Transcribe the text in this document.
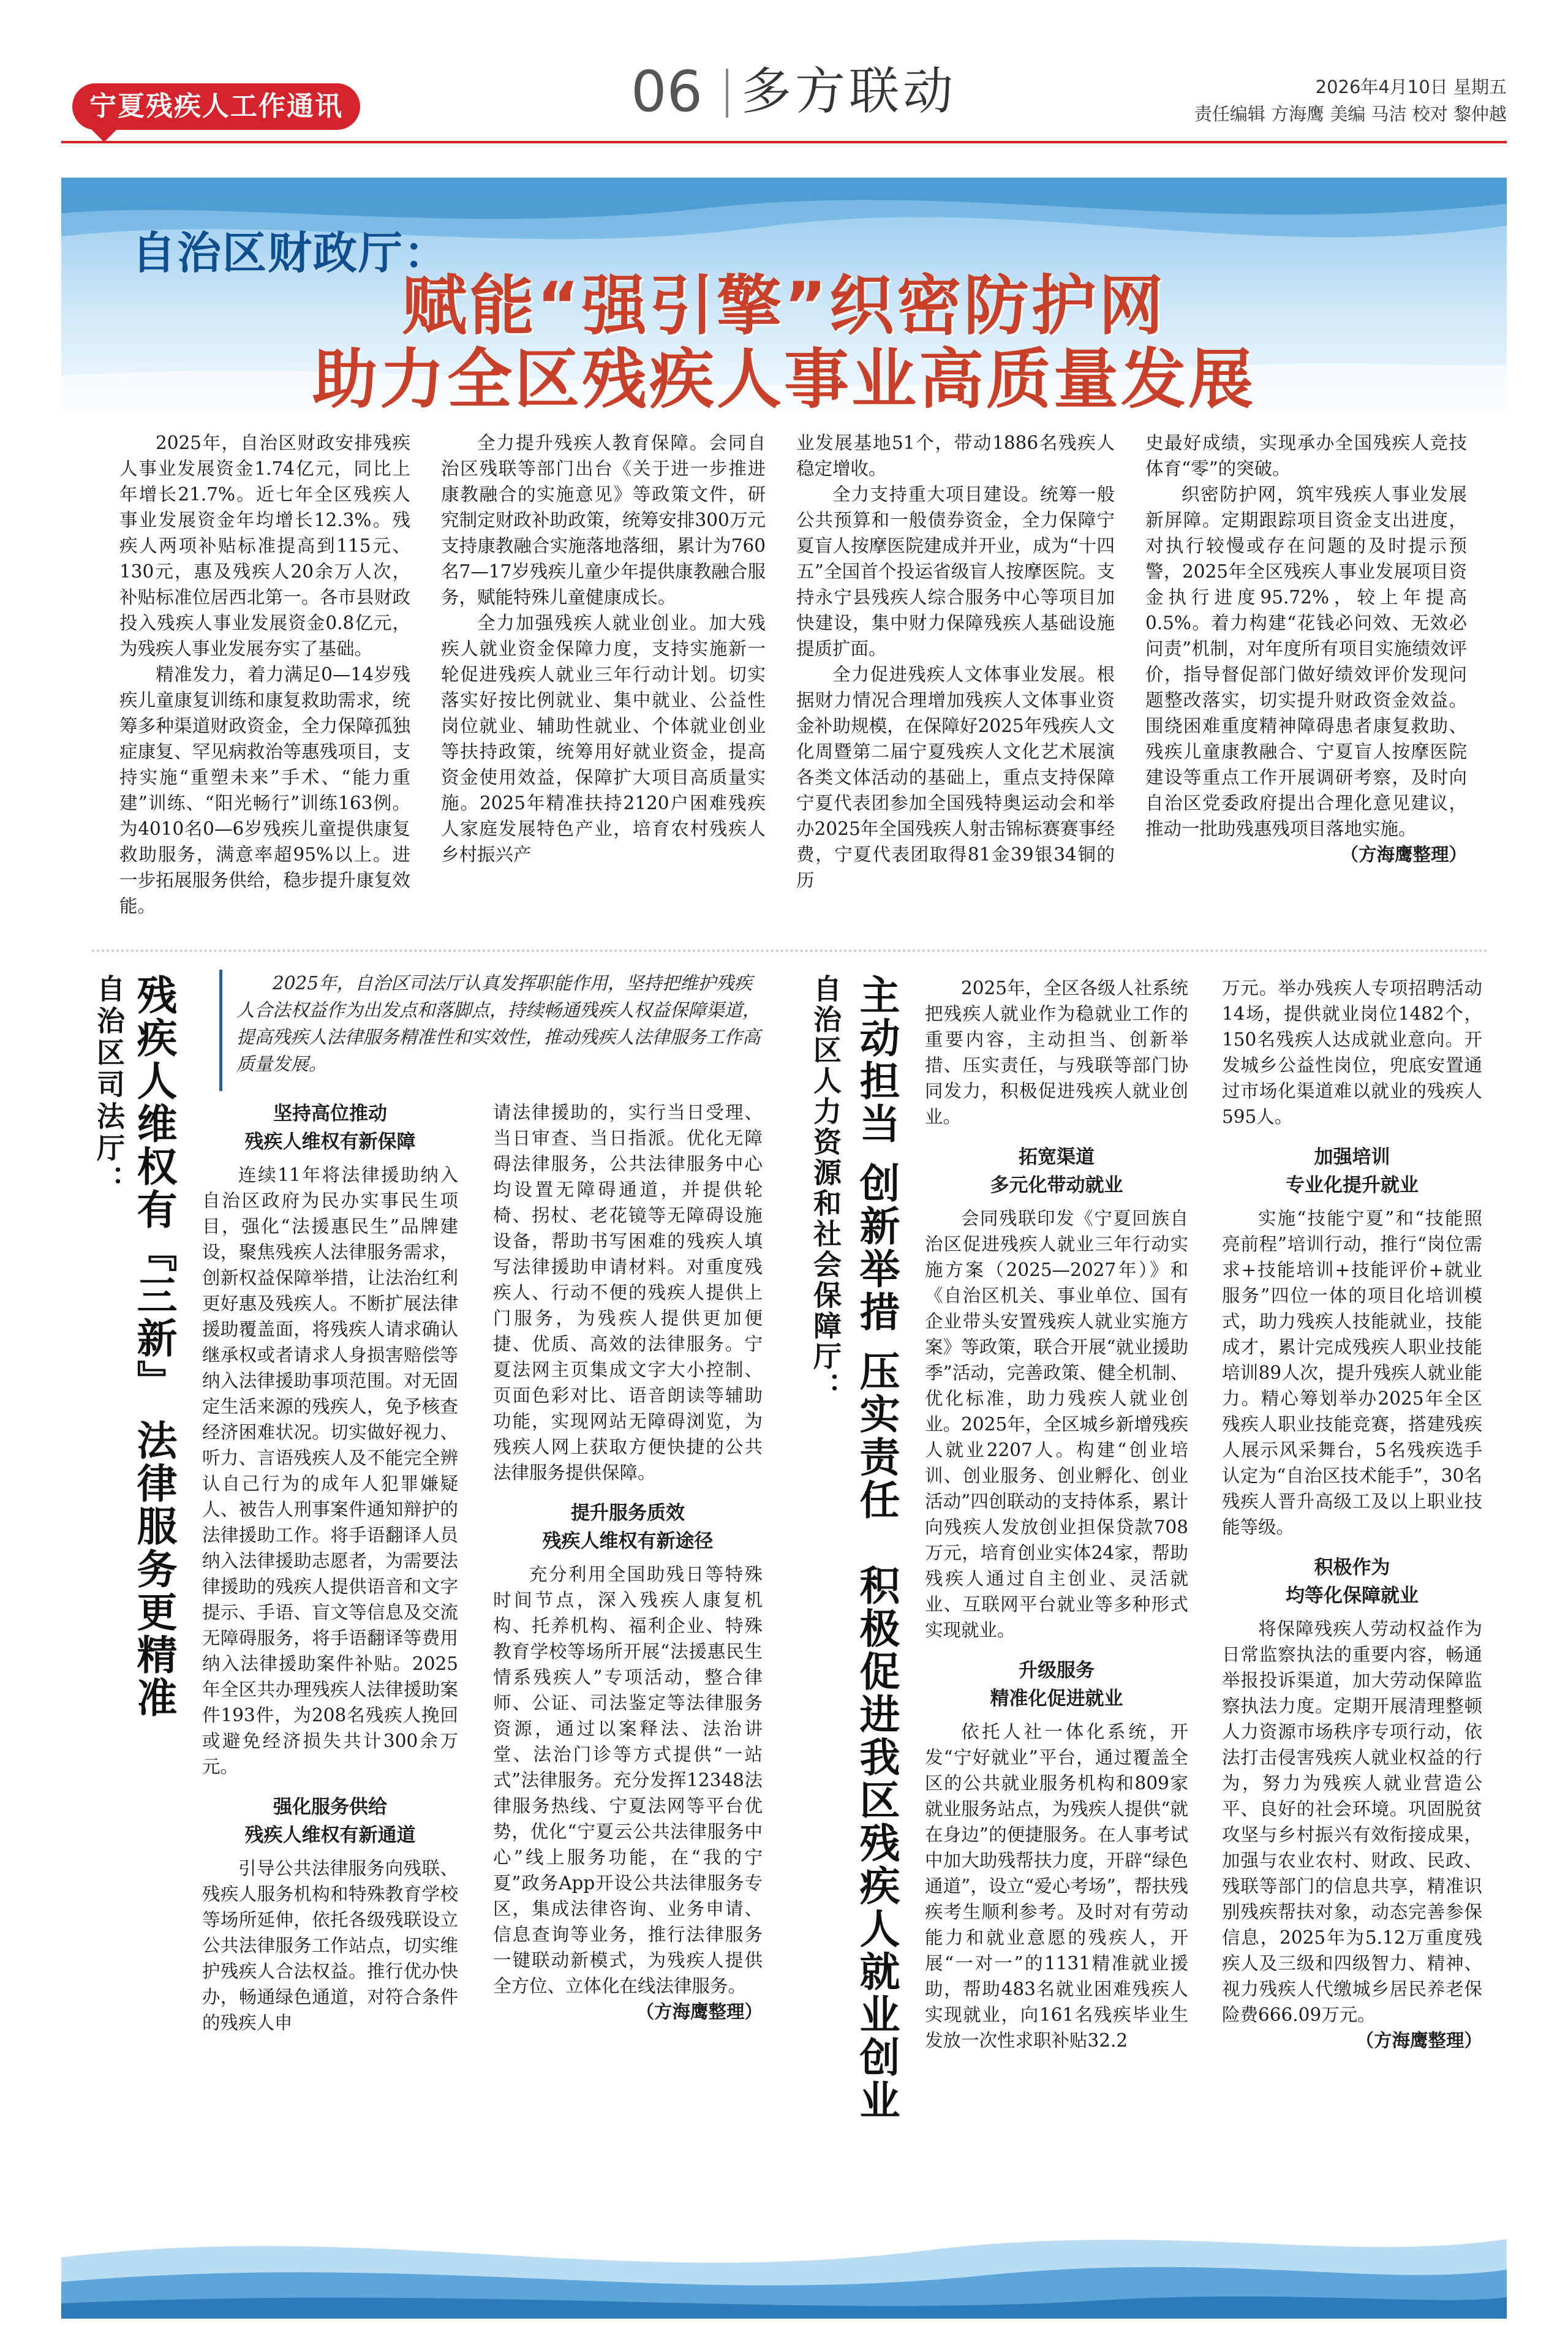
宁夏残疾人工作通讯	06 多方联动	2026年4月10日 星期五
责任编辑 方海鹰 美编 马洁 校对 黎仲越
自治区财政厅：
赋能“强引擎”织密防护网
助力全区残疾人事业高质量发展

2025年，自治区财政安排残疾人事业发展资金1.74亿元，同比上年增长21.7%。近七年全区残疾人事业发展资金年均增长12.3%。残疾人两项补贴标准提高到115元、130元，惠及残疾人20余万人次，补贴标准位居西北第一。各市县财政投入残疾人事业发展资金0.8亿元，为残疾人事业发展夯实了基础。

精准发力，着力满足0—14岁残疾儿童康复训练和康复救助需求，统筹多种渠道财政资金，全力保障孤独症康复、罕见病救治等惠残项目，支持实施“重塑未来”手术、“能力重建”训练、“阳光畅行”训练163例。为4010名0—6岁残疾儿童提供康复救助服务，满意率超95%以上。进一步拓展服务供给，稳步提升康复效能。

全力提升残疾人教育保障。会同自治区残联等部门出台《关于进一步推进康教融合的实施意见》等政策文件，研究制定财政补助政策，统筹安排300万元支持康教融合实施落地落细，累计为760名7—17岁残疾儿童少年提供康教融合服务，赋能特殊儿童健康成长。

全力加强残疾人就业创业。加大残疾人就业资金保障力度，支持实施新一轮促进残疾人就业三年行动计划。切实落实好按比例就业、集中就业、公益性岗位就业、辅助性就业、个体就业创业等扶持政策，统筹用好就业资金，提高资金使用效益，保障扩大项目高质量实施。2025年精准扶持2120户困难残疾人家庭发展特色产业，培育农村残疾人乡村振兴产

业发展基地51个，带动1886名残疾人稳定增收。

全力支持重大项目建设。统筹一般公共预算和一般债券资金，全力保障宁夏盲人按摩医院建成并开业，成为“十四五”全国首个投运省级盲人按摩医院。支持永宁县残疾人综合服务中心等项目加快建设，集中财力保障残疾人基础设施提质扩面。

全力促进残疾人文体事业发展。根据财力情况合理增加残疾人文体事业资金补助规模，在保障好2025年残疾人文化周暨第二届宁夏残疾人文化艺术展演各类文体活动的基础上，重点支持保障宁夏代表团参加全国残特奥运动会和举办2025年全国残疾人射击锦标赛赛事经费，宁夏代表团取得81金39银34铜的历

史最好成绩，实现承办全国残疾人竞技体育“零”的突破。

织密防护网，筑牢残疾人事业发展新屏障。定期跟踪项目资金支出进度，对执行较慢或存在问题的及时提示预警，2025年全区残疾人事业发展项目资金执行进度95.72%，较上年提高0.5%。着力构建“花钱必问效、无效必问责”机制，对年度所有项目实施绩效评价，指导督促部门做好绩效评价发现问题整改落实，切实提升财政资金效益。围绕困难重度精神障碍患者康复救助、残疾儿童康教融合、宁夏盲人按摩医院建设等重点工作开展调研考察，及时向自治区党委政府提出合理化意见建议，推动一批助残惠残项目落地实施。

（方海鹰整理）

自治区司法厅： 残疾人维权有『三新』 法律服务更精准	2025年，自治区司法厅认真发挥职能作用，坚持把维护残疾人合法权益作为出发点和落脚点，持续畅通残疾人权益保障渠道，提高残疾人法律服务精准性和实效性，推动残疾人法律服务工作高质量发展。

坚持高位推动
残疾人维权有新保障

连续11年将法律援助纳入自治区政府为民办实事民生项目，强化“法援惠民生”品牌建设，聚焦残疾人法律服务需求，创新权益保障举措，让法治红利更好惠及残疾人。不断扩展法律援助覆盖面，将残疾人请求确认继承权或者请求人身损害赔偿等纳入法律援助事项范围。对无固定生活来源的残疾人，免予核查经济困难状况。切实做好视力、听力、言语残疾人及不能完全辨认自己行为的成年人犯罪嫌疑人、被告人刑事案件通知辩护的法律援助工作。将手语翻译人员纳入法律援助志愿者，为需要法律援助的残疾人提供语音和文字提示、手语、盲文等信息及交流无障碍服务，将手语翻译等费用纳入法律援助案件补贴。2025年全区共办理残疾人法律援助案件193件，为208名残疾人挽回或避免经济损失共计300余万元。

强化服务供给
残疾人维权有新通道

引导公共法律服务向残联、残疾人服务机构和特殊教育学校等场所延伸，依托各级残联设立公共法律服务工作站点，切实维护残疾人合法权益。推行优办快办，畅通绿色通道，对符合条件的残疾人申

请法律援助的，实行当日受理、当日审查、当日指派。优化无障碍法律服务，公共法律服务中心均设置无障碍通道，并提供轮椅、拐杖、老花镜等无障碍设施设备，帮助书写困难的残疾人填写法律援助申请材料。对重度残疾人、行动不便的残疾人提供上门服务，为残疾人提供更加便捷、优质、高效的法律服务。宁夏法网主页集成文字大小控制、页面色彩对比、语音朗读等辅助功能，实现网站无障碍浏览，为残疾人网上获取方便快捷的公共法律服务提供保障。

提升服务质效
残疾人维权有新途径

充分利用全国助残日等特殊时间节点，深入残疾人康复机构、托养机构、福利企业、特殊教育学校等场所开展“法援惠民生情系残疾人”专项活动，整合律师、公证、司法鉴定等法律服务资源，通过以案释法、法治讲堂、法治门诊等方式提供“一站式”法律服务。充分发挥12348法律服务热线、宁夏法网等平台优势，优化“宁夏云公共法律服务中心”线上服务功能，在“我的宁夏”政务App开设公共法律服务专区，集成法律咨询、业务申请、信息查询等业务，推行法律服务一键联动新模式，为残疾人提供全方位、立体化在线法律服务。

（方海鹰整理） 主动担当 创新举措 压实责任　积极促进我区残疾人就业创业
自治区人力资源和社会保障厅：	2025年，全区各级人社系统把残疾人就业作为稳就业工作的重要内容，主动担当、创新举措、压实责任，与残联等部门协同发力，积极促进残疾人就业创业。

拓宽渠道
多元化带动就业

会同残联印发《宁夏回族自治区促进残疾人就业三年行动实施方案（2025—2027年）》和《自治区机关、事业单位、国有企业带头安置残疾人就业实施方案》等政策，联合开展“就业援助季”活动，完善政策、健全机制、优化标准，助力残疾人就业创业。2025年，全区城乡新增残疾人就业2207人。构建“创业培训、创业服务、创业孵化、创业活动”四创联动的支持体系，累计向残疾人发放创业担保贷款708万元，培育创业实体24家，帮助残疾人通过自主创业、灵活就业、互联网平台就业等多种形式实现就业。

升级服务
精准化促进就业

依托人社一体化系统，开发“宁好就业”平台，通过覆盖全区的公共就业服务机构和809家就业服务站点，为残疾人提供“就在身边”的便捷服务。在人事考试中加大助残帮扶力度，开辟“绿色通道”，设立“爱心考场”，帮扶残疾考生顺利参考。及时对有劳动能力和就业意愿的残疾人，开展“一对一”的1131精准就业援助，帮助483名就业困难残疾人实现就业，向161名残疾毕业生发放一次性求职补贴32.2

万元。举办残疾人专项招聘活动14场，提供就业岗位1482个，150名残疾人达成就业意向。开发城乡公益性岗位，兜底安置通过市场化渠道难以就业的残疾人595人。

加强培训
专业化提升就业

实施“技能宁夏”和“技能照亮前程”培训行动，推行“岗位需求+技能培训+技能评价+就业服务”四位一体的项目化培训模式，助力残疾人技能就业，技能成才，累计完成残疾人职业技能培训89人次，提升残疾人就业能力。精心筹划举办2025年全区残疾人职业技能竞赛，搭建残疾人展示风采舞台，5名残疾选手认定为“自治区技术能手”，30名残疾人晋升高级工及以上职业技能等级。

积极作为
均等化保障就业

将保障残疾人劳动权益作为日常监察执法的重要内容，畅通举报投诉渠道，加大劳动保障监察执法力度。定期开展清理整顿人力资源市场秩序专项行动，依法打击侵害残疾人就业权益的行为，努力为残疾人就业营造公平、良好的社会环境。巩固脱贫攻坚与乡村振兴有效衔接成果，加强与农业农村、财政、民政、残联等部门的信息共享，精准识别残疾帮扶对象，动态完善参保信息，2025年为5.12万重度残疾人及三级和四级智力、精神、视力残疾人代缴城乡居民养老保险费666.09万元。

（方海鹰整理）
